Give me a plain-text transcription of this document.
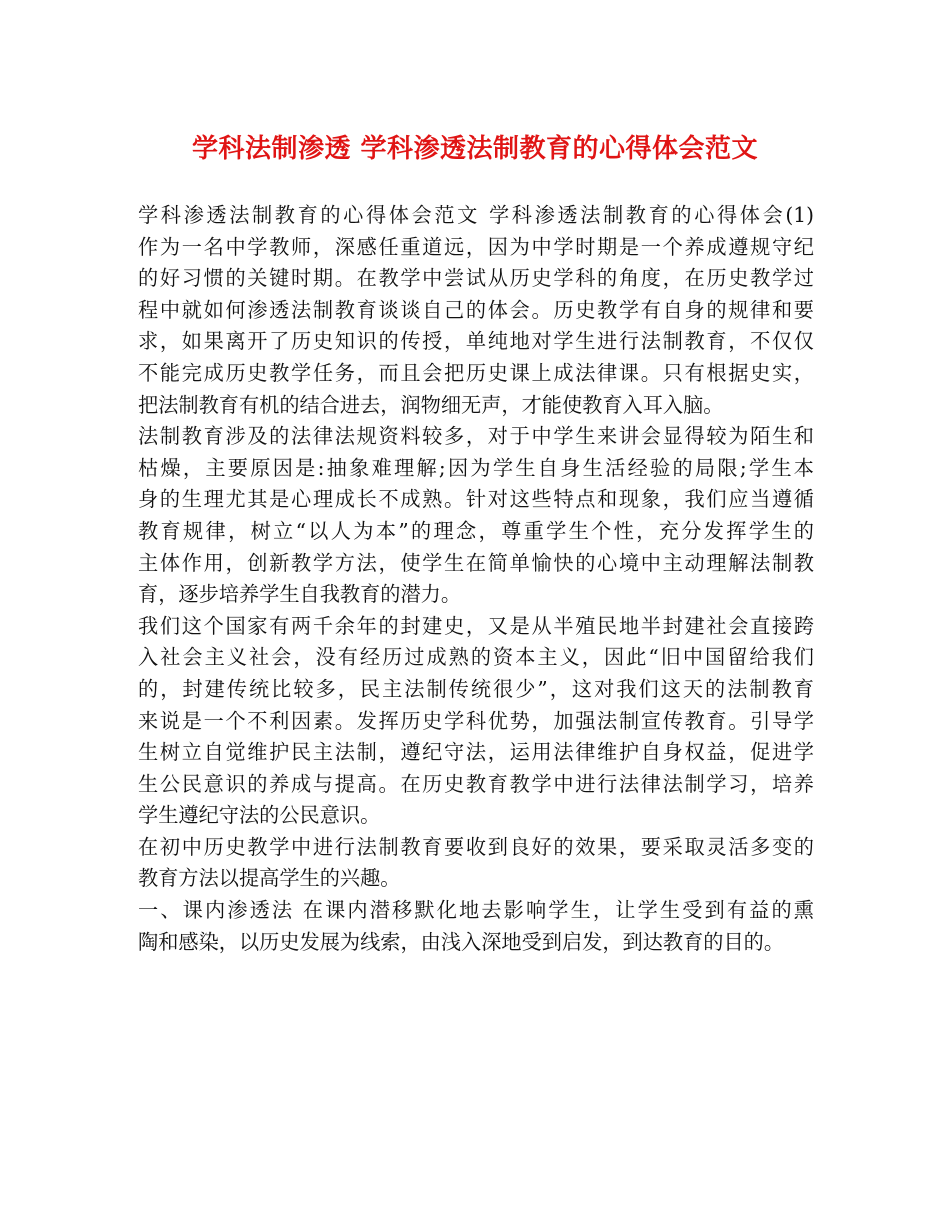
学科法制渗透 学科渗透法制教育的心得体会范文
学科渗透法制教育的心得体会范文 学科渗透法制教育的心得体会(1)
作为一名中学教师，深感任重道远，因为中学时期是一个养成遵规守纪
的好习惯的关键时期。在教学中尝试从历史学科的角度，在历史教学过
程中就如何渗透法制教育谈谈自己的体会。历史教学有自身的规律和要
求，如果离开了历史知识的传授，单纯地对学生进行法制教育，不仅仅
不能完成历史教学任务，而且会把历史课上成法律课。只有根据史实，
把法制教育有机的结合进去，润物细无声，才能使教育入耳入脑。
法制教育涉及的法律法规资料较多，对于中学生来讲会显得较为陌生和
枯燥，主要原因是:抽象难理解;因为学生自身生活经验的局限;学生本
身的生理尤其是心理成长不成熟。针对这些特点和现象，我们应当遵循
教育规律，树立“以人为本”的理念，尊重学生个性，充分发挥学生的
主体作用，创新教学方法，使学生在简单愉快的心境中主动理解法制教
育，逐步培养学生自我教育的潜力。
我们这个国家有两千余年的封建史，又是从半殖民地半封建社会直接跨
入社会主义社会，没有经历过成熟的资本主义，因此“旧中国留给我们
的，封建传统比较多，民主法制传统很少”，这对我们这天的法制教育
来说是一个不利因素。发挥历史学科优势，加强法制宣传教育。引导学
生树立自觉维护民主法制，遵纪守法，运用法律维护自身权益，促进学
生公民意识的养成与提高。在历史教育教学中进行法律法制学习，培养
学生遵纪守法的公民意识。
在初中历史教学中进行法制教育要收到良好的效果，要采取灵活多变的
教育方法以提高学生的兴趣。
一、课内渗透法 在课内潜移默化地去影响学生，让学生受到有益的熏
陶和感染，以历史发展为线索，由浅入深地受到启发，到达教育的目的。
